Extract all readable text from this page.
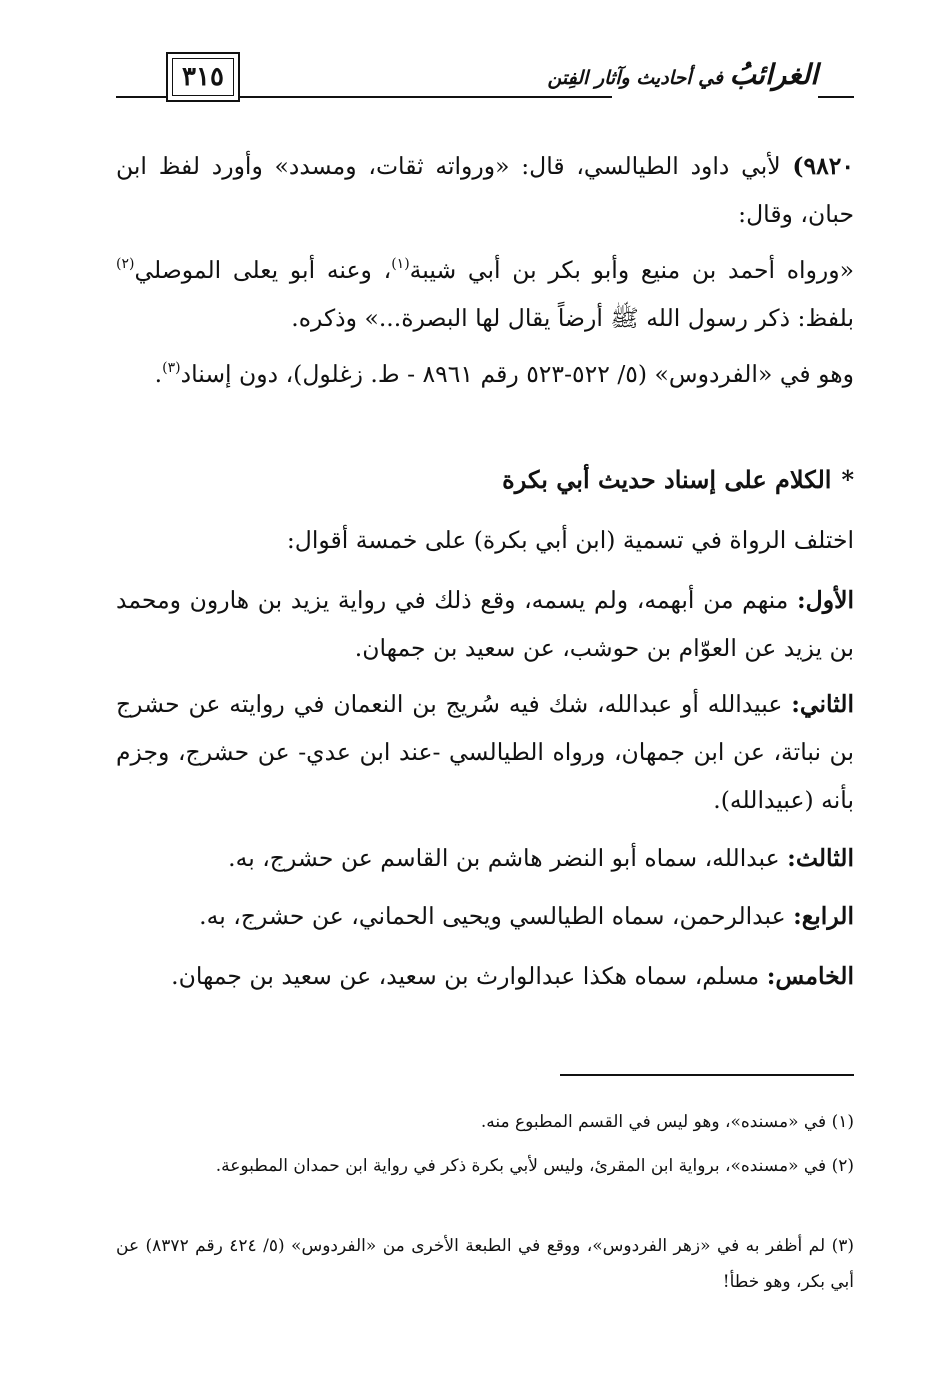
٣١٥	الغرائبُ في أحاديث وآثار الفِتن

٩٨٢٠) لأبي داود الطيالسي، قال: «ورواته ثقات، ومسدد» وأورد لفظ ابن حبان، وقال:

«ورواه أحمد بن منيع وأبو بكر بن أبي شيبة$^{(١)}$، وعنه أبو يعلى الموصلي$^{(٢)}$ بلفظ: ذكر رسول الله ﷺ أرضاً يقال لها البصرة...» وذكره.

وهو في «الفردوس» (٥/ ٥٢٢-٥٢٣ رقم ٨٩٦١ - ط. زغلول)، دون إسناد$^{(٣)}$.

*الكلام على إسناد حديث أبي بكرة

اختلف الرواة في تسمية (ابن أبي بكرة) على خمسة أقوال:

الأول: منهم من أبهمه، ولم يسمه، وقع ذلك في رواية يزيد بن هارون ومحمد بن يزيد عن العوّام بن حوشب، عن سعيد بن جمهان.

الثاني: عبيدالله أو عبدالله، شك فيه سُريج بن النعمان في روايته عن حشرج بن نباتة، عن ابن جمهان، ورواه الطيالسي -عند ابن عدي- عن حشرج، وجزم بأنه (عبيدالله).

الثالث: عبدالله، سماه أبو النضر هاشم بن القاسم عن حشرج، به.

الرابع: عبدالرحمن، سماه الطيالسي ويحيى الحماني، عن حشرج، به.

الخامس: مسلم، سماه هكذا عبدالوارث بن سعيد، عن سعيد بن جمهان.

(١) في «مسنده»، وهو ليس في القسم المطبوع منه.

(٢) في «مسنده»، برواية ابن المقرئ، وليس لأبي بكرة ذكر في رواية ابن حمدان المطبوعة.

(٣) لم أظفر به في «زهر الفردوس»، ووقع في الطبعة الأخرى من «الفردوس» (٥/ ٤٢٤ رقم ٨٣٧٢) عن أبي بكر، وهو خطأ!
